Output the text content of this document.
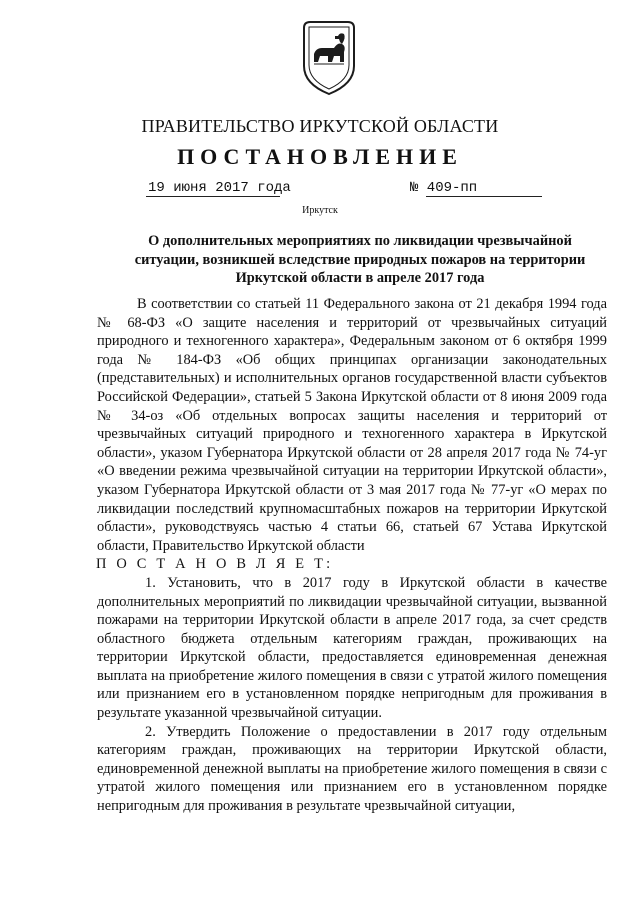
ПРАВИТЕЛЬСТВО ИРКУТСКОЙ ОБЛАСТИ
ПОСТАНОВЛЕНИЕ
19 июня 2017 года	№ 409-пп
Иркутск
О дополнительных мероприятиях по ликвидации чрезвычайной ситуации, возникшей вследствие природных пожаров на территории Иркутской области в апреле 2017 года

В соответствии со статьей 11 Федерального закона от 21 декабря 1994 года № 68-ФЗ «О защите населения и территорий от чрезвычайных ситуаций природного и техногенного характера», Федеральным законом от 6 октября 1999 года № 184-ФЗ «Об общих принципах организации законодательных (представительных) и исполнительных органов государственной власти субъектов Российской Федерации», статьей 5 Закона Иркутской области от 8 июня 2009 года № 34-оз «Об отдельных вопросах защиты населения и территорий от чрезвычайных ситуаций природного и техногенного характера в Иркутской области», указом Губернатора Иркутской области от 28 апреля 2017 года № 74-уг «О введении режима чрезвычайной ситуации на территории Иркутской области», указом Губернатора Иркутской области от 3 мая 2017 года № 77-уг «О мерах по ликвидации последствий крупномасштабных пожаров на территории Иркутской области», руководствуясь частью 4 статьи 66, статьей 67 Устава Иркутской области, Правительство Иркутской области

П О С Т А Н О В Л Я Е Т:

1. Установить, что в 2017 году в Иркутской области в качестве дополнительных мероприятий по ликвидации чрезвычайной ситуации, вызванной пожарами на территории Иркутской области в апреле 2017 года, за счет средств областного бюджета отдельным категориям граждан, проживающих на территории Иркутской области, предоставляется единовременная денежная выплата на приобретение жилого помещения в связи с утратой жилого помещения или признанием его в установленном порядке непригодным для проживания в результате указанной чрезвычайной ситуации.

2. Утвердить Положение о предоставлении в 2017 году отдельным категориям граждан, проживающих на территории Иркутской области, единовременной денежной выплаты на приобретение жилого помещения в связи с утратой жилого помещения или признанием его в установленном порядке непригодным для проживания в результате чрезвычайной ситуации,
